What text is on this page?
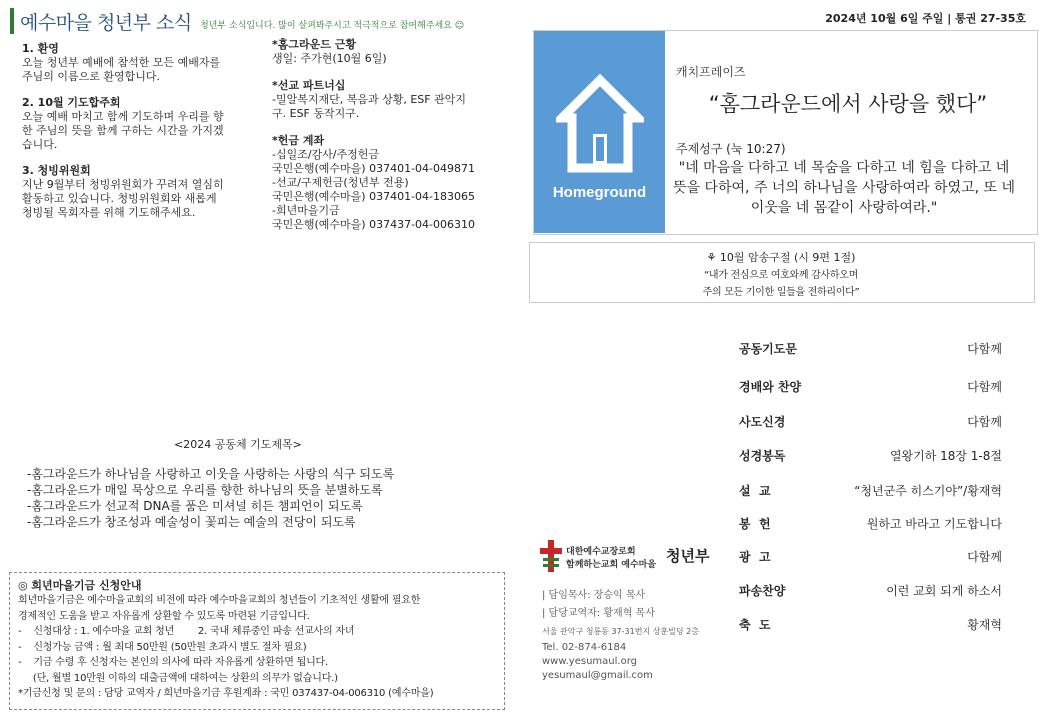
예수마을 청년부 소식 청년부 소식입니다. 많이 살펴봐주시고 적극적으로 참여해주세요 ☺
2024년 10월 6일 주일 | 통권 27-35호
1. 환영
오늘 청년부 예배에 참석한 모든 예배자를
주님의 이름으로 환영합니다.
2. 10월 기도합주회
오늘 예배 마치고 함께 기도하며 우리를 향
한 주님의 뜻을 함께 구하는 시간을 가지겠
습니다.
3. 청빙위원회
지난 9월부터 청빙위원회가 꾸려져 열심히
활동하고 있습니다. 청빙위원회와 새롭게
청빙될 목회자를 위해 기도해주세요.
*홈그라운드 근황
생일: 주가현(10월 6일)
*선교 파트너십
-밀알복지재단, 복음과 상황, ESF 관악지
구. ESF 동작지구.
*헌금 계좌
-십일조/감사/주정헌금
국민은행(예수마을) 037401-04-049871
-선교/구제헌금(청년부 전용)
국민은행(예수마을) 037401-04-183065
-희년마을기금
국민은행(예수마을) 037437-04-006310
Homeground
캐치프레이즈
“홈그라운드에서 사랑을 했다”
주제성구 (눅 10:27)
"네 마음을 다하고 네 목숨을 다하고 네 힘을 다하고 네 뜻을 다하여, 주 너의 하나님을 사랑하여라 하였고, 또 네 이웃을 네 몸같이 사랑하여라."
⚘ 10월 암송구절 (시 9편 1절)
“내가 전심으로 여호와께 감사하오며
주의 모든 기이한 일들을 전하리이다”
공동기도문	다함께
경배와 찬양	다함께
사도신경	다함께
성경봉독	열왕기하 18장 1-8절
설  교	“청년군주 히스기야”/황재혁
봉  헌	원하고 바라고 기도합니다
광  고	다함께
파송찬양	이런 교회 되게 하소서
축  도	황재혁
<2024 공동체 기도제목>
-홈그라운드가 하나님을 사랑하고 이웃을 사랑하는 사랑의 식구 되도록
-홈그라운드가 매일 묵상으로 우리를 향한 하나님의 뜻을 분별하도록
-홈그라운드가 선교적 DNA를 품은 미셔널 히든 챔피언이 되도록
-홈그라운드가 창조성과 예술성이 꽃피는 예술의 전당이 되도록
◎ 희년마을기금 신청안내
희년마을기금은 예수마을교회의 비전에 따라 예수마을교회의 청년들이 기초적인 생활에 필요한
경제적인 도움을 받고 자유롭게 상환할 수 있도록 마련된 기금입니다.
-    신청대상 : 1. 예수마을 교회 청년        2. 국내 체류중인 파송 선교사의 자녀
-    신청가능 금액 : 월 최대 50만원 (50만원 초과시 별도 절차 필요)
-    기금 수령 후 신청자는 본인의 의사에 따라 자유롭게 상환하면 됩니다.
(단, 월별 10만원 이하의 대출금액에 대하여는 상환의 의무가 없습니다.)
*기금신청 및 문의 : 담당 교역자 / 희년마을기금 후원계좌 : 국민 037437-04-006310 (예수마을)
대한예수교장로회
함께하는교회 예수마을 청년부
| 담임목사: 장승익 목사
| 담당교역자: 황재혁 목사
서울 관악구 청룡동 37-31번지 상훈빌딩 2층
Tel. 02-874-6184
www.yesumaul.org
yesumaul@gmail.com
